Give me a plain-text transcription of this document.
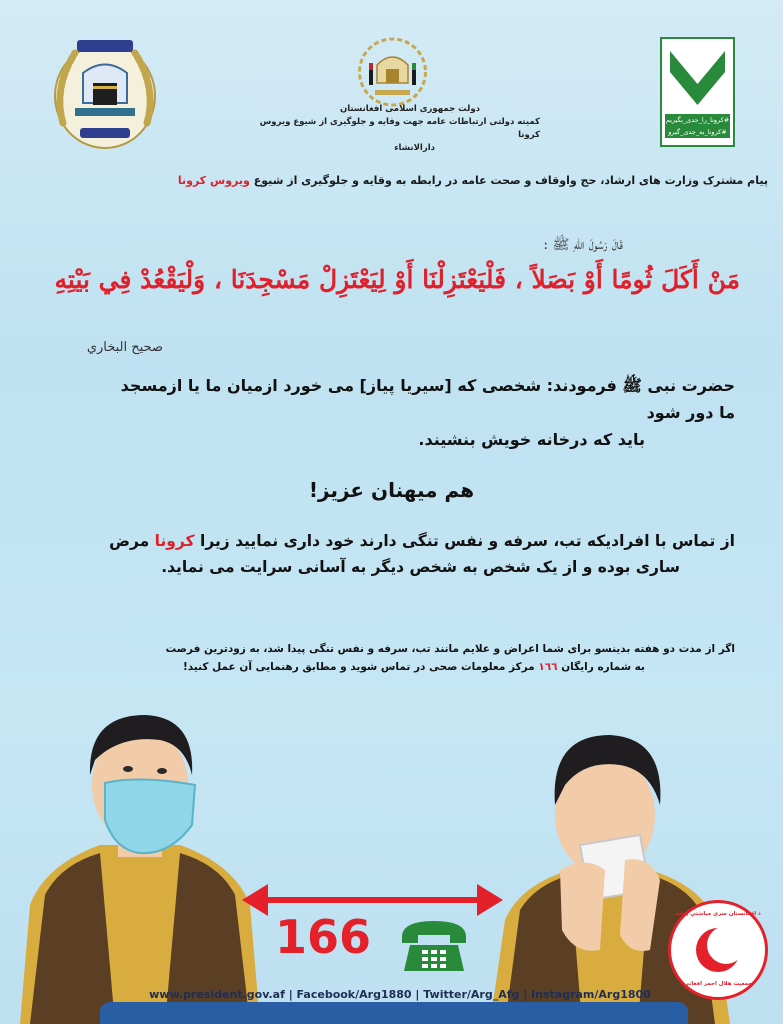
#کرونا_را_جدی_بگیریم
#کرونا_به_جدی_گیرو
دولت جمهوری اسلامی افغانستان
کمیته دولتی ارتباطات عامه جهت وقایه و جلوگیری از شیوع ویروس کرونا
دارالانشاء
پیام مشترک وزارت های ارشاد، حج واوقاف و صحت عامه در رابطه به وقایه و جلوگیری از شیوع ویروس کرونا
قَالَ رَسُولَ اللهِ ﷺ :
مَنْ أَكَلَ ثُومًا أَوْ بَصَلاً ، فَلْيَعْتَزِلْنَا أَوْ لِيَعْتَزِلْ مَسْجِدَنَا ، وَلْيَقْعُدْ فِي بَيْتِهِ
صحيح البخاري
حضرت نبی ﷺ فرمودند: شخصی که [سیریا پیاز] می خورد ازمیان ما یا ازمسجد ما دور شود
باید که درخانه خویش بنشیند.
هم میهنان عزیز!
از تماس با افرادیکه تب، سرفه و نفس تنگی دارند خود داری نمایید زیرا کرونا مرض
ساری بوده و از یک شخص به شخص دیگر به آسانی سرایت می نماید.
اگر از مدت دو هفته بدینسو برای شما اعراض و علایم مانند تب، سرفه و نفس تنگی پیدا شد، به زودترین فرصت
به شماره رایگان ١٦٦ مرکز معلومات صحی در تماس شوید و مطابق رهنمایی آن عمل کنید!
166	د افغانستان سري مياشتې ټولنه
جمعیت هلال احمر افغانی
www.president.gov.af | Facebook/Arg1880 | Twitter/Arg_Afg | Instagram/Arg1800
